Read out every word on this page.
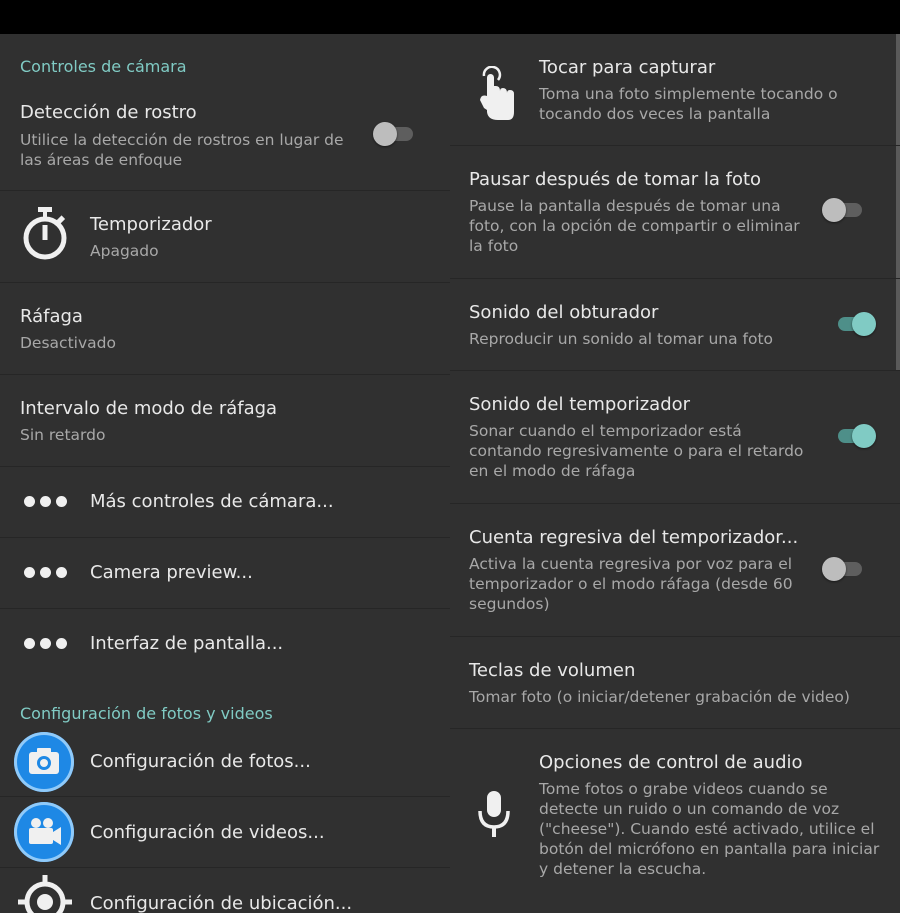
Controles de cámara
Detección de rostro
Utilice la detección de rostros en lugar de las áreas de enfoque
Temporizador
Apagado
Ráfaga
Desactivado
Intervalo de modo de ráfaga
Sin retardo
Más controles de cámara...
Camera preview...
Interfaz de pantalla...
Configuración de fotos y videos
Configuración de fotos...
Configuración de videos...
Configuración de ubicación...
Tocar para capturar
Toma una foto simplemente tocando o tocando dos veces la pantalla
Pausar después de tomar la foto
Pause la pantalla después de tomar una foto, con la opción de compartir o eliminar la foto
Sonido del obturador
Reproducir un sonido al tomar una foto
Sonido del temporizador
Sonar cuando el temporizador está contando regresivamente o para el retardo en el modo de ráfaga
Cuenta regresiva del temporizador...
Activa la cuenta regresiva por voz para el temporizador o el modo ráfaga (desde 60 segundos)
Teclas de volumen
Tomar foto (o iniciar/detener grabación de video)
Opciones de control de audio
Tome fotos o grabe videos cuando se detecte un ruido o un comando de voz ("cheese"). Cuando esté activado, utilice el botón del micrófono en pantalla para iniciar y detener la escucha.
